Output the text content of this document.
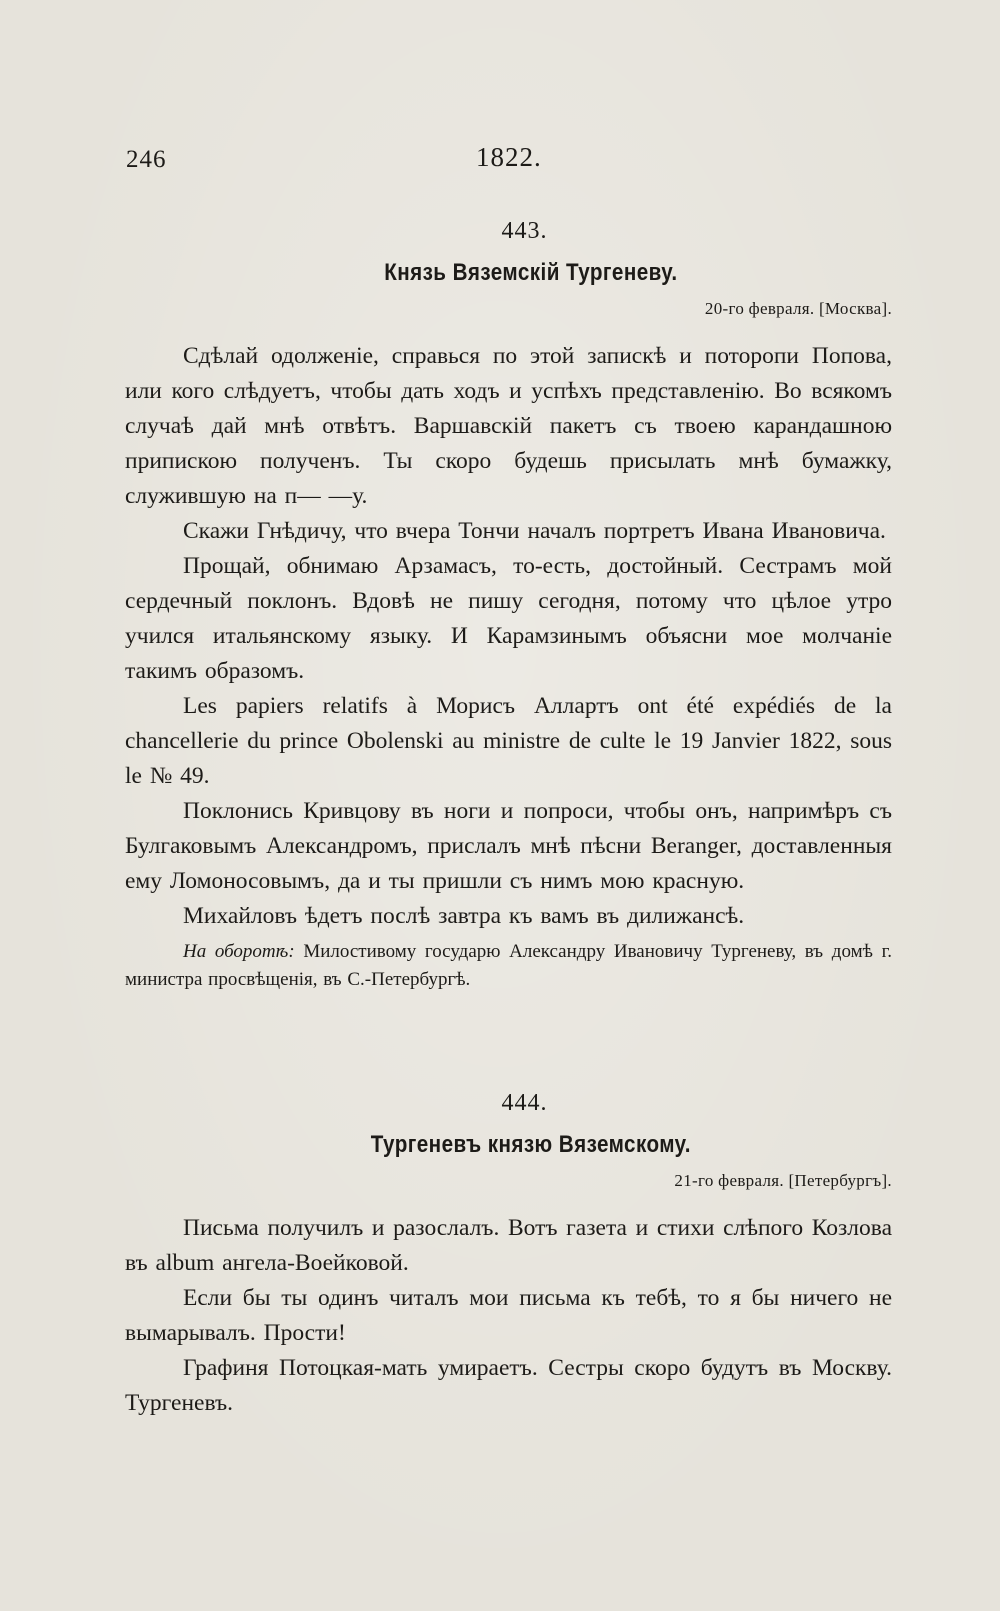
246	1822.
443.
Князь Вяземскій Тургеневу.
20-го февраля. [Москва].

Сдѣлай одолженіе, справься по этой запискѣ и поторопи Попова, или кого слѣдуетъ, чтобы дать ходъ и успѣхъ представленію. Во всякомъ случаѣ дай мнѣ отвѣтъ. Варшавскій пакетъ съ твоею карандашною припискою полученъ. Ты скоро будешь присылать мнѣ бумажку, служившую на п— —у.

Скажи Гнѣдичу, что вчера Тончи началъ портретъ Ивана Ивановича.

Прощай, обнимаю Арзамасъ, то-есть, достойный. Сестрамъ мой сердечный поклонъ. Вдовѣ не пишу сегодня, потому что цѣлое утро учился итальянскому языку. И Карамзинымъ объясни мое молчаніе такимъ образомъ.

Les papiers relatifs à Морисъ Аллартъ ont été expédiés de la chancellerie du prince Obolenski au ministre de culte le 19 Janvier 1822, sous le № 49.

Поклонись Кривцову въ ноги и попроси, чтобы онъ, напримѣръ съ Булгаковымъ Александромъ, прислалъ мнѣ пѣсни Beranger, доставленныя ему Ломоносовымъ, да и ты пришли съ нимъ мою красную.

Михайловъ ѣдетъ послѣ завтра къ вамъ въ дилижансѣ.

На оборотѣ: Милостивому государю Александру Ивановичу Тургеневу, въ домѣ г. министра просвѣщенія, въ С.-Петербургѣ.

444.
Тургеневъ князю Вяземскому.
21-го февраля. [Петербургъ].

Письма получилъ и разослалъ. Вотъ газета и стихи слѣпого Козлова въ album ангела-Воейковой.

Если бы ты одинъ читалъ мои письма къ тебѣ, то я бы ничего не вымарывалъ. Прости!

Графиня Потоцкая-мать умираетъ. Сестры скоро будутъ въ Москву. Тургеневъ.
